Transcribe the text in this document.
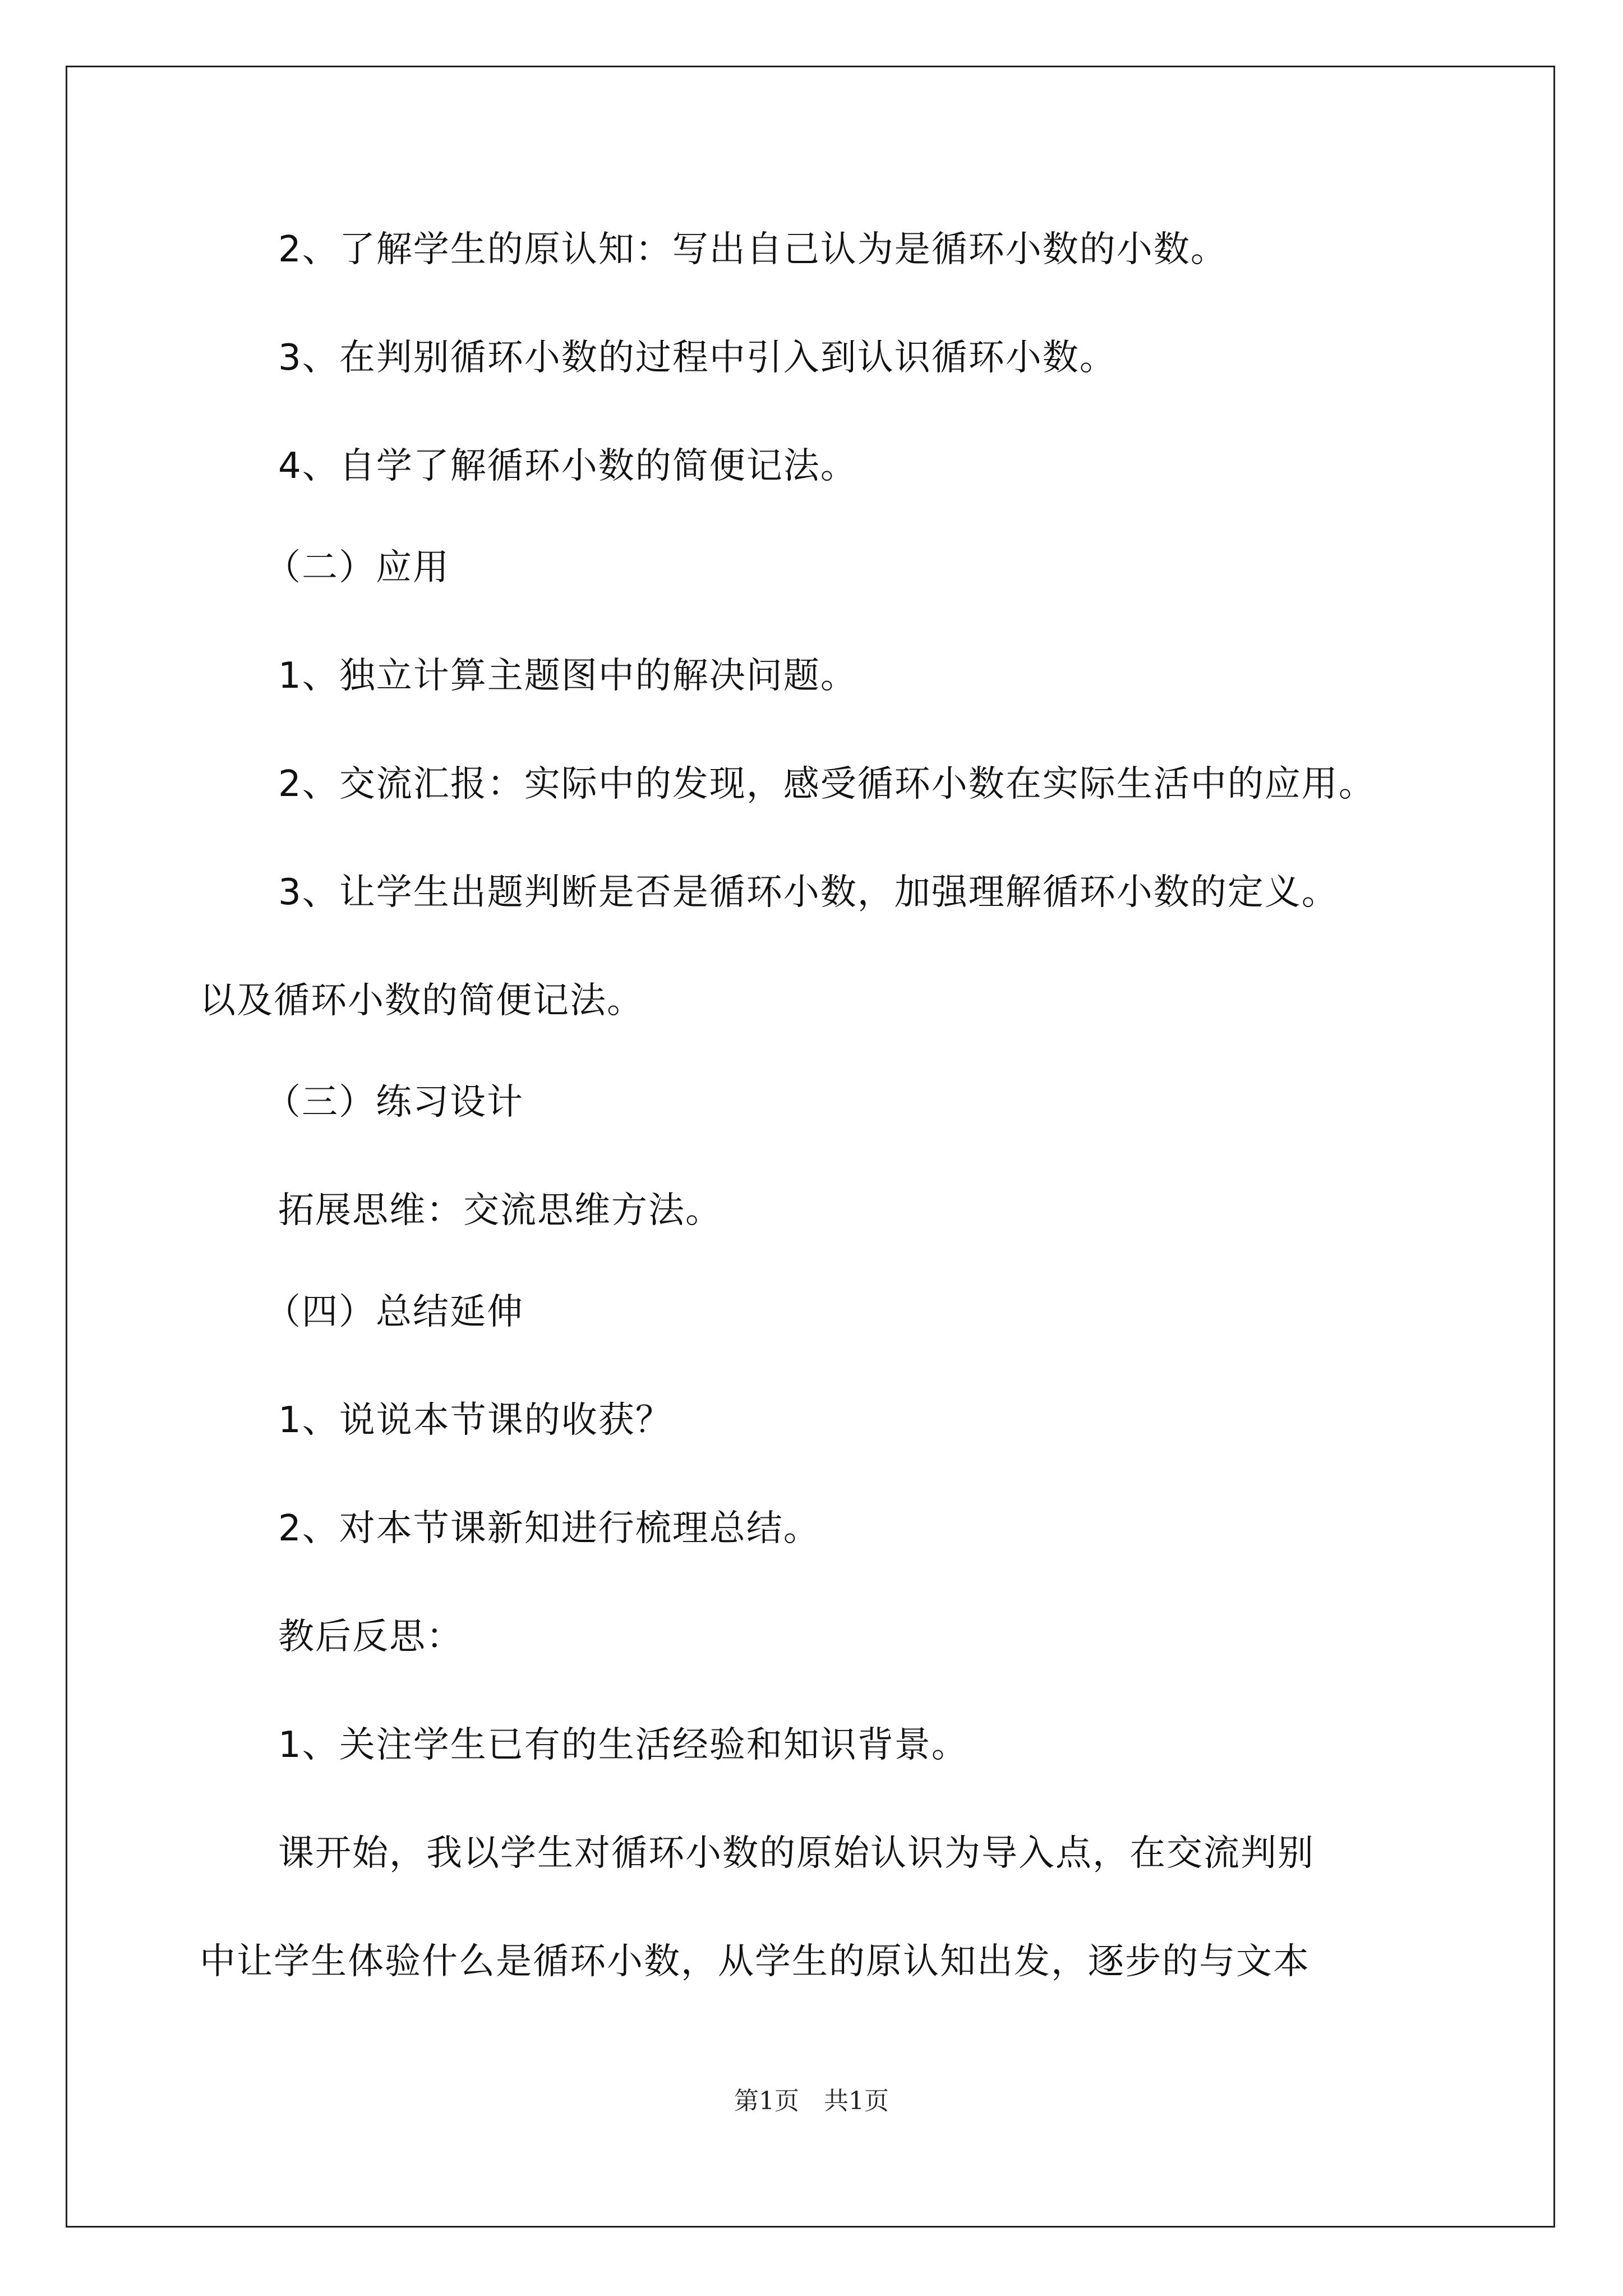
2、了解学生的原认知：写出自己认为是循环小数的小数。
3、在判别循环小数的过程中引入到认识循环小数。
4、自学了解循环小数的简便记法。
（二）应用
1、独立计算主题图中的解决问题。
2、交流汇报：实际中的发现，感受循环小数在实际生活中的应用。
3、让学生出题判断是否是循环小数，加强理解循环小数的定义。
以及循环小数的简便记法。
（三）练习设计
拓展思维：交流思维方法。
（四）总结延伸
1、说说本节课的收获？
2、对本节课新知进行梳理总结。
教后反思：
1、关注学生已有的生活经验和知识背景。
课开始，我以学生对循环小数的原始认识为导入点，在交流判别
中让学生体验什么是循环小数，从学生的原认知出发，逐步的与文本
第1页　共1页
